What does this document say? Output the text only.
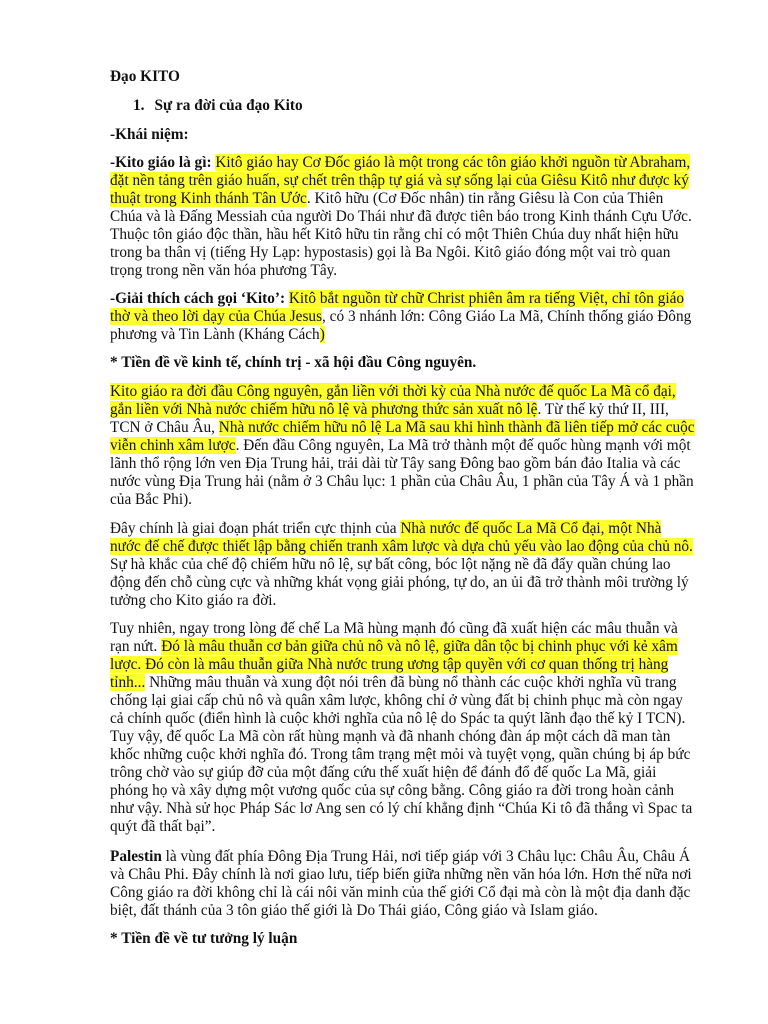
Đạo KITO

1. Sự ra đời của đạo Kito

-Khái niệm:

-Kito giáo là gì: Kitô giáo hay Cơ Đốc giáo là một trong các tôn giáo khởi nguồn từ Abraham, đặt nền tảng trên giáo huấn, sự chết trên thập tự giá và sự sống lại của Giêsu Kitô như được ký thuật trong Kinh thánh Tân Ước. Kitô hữu (Cơ Đốc nhân) tin rằng Giêsu là Con của Thiên Chúa và là Đấng Messiah của người Do Thái như đã được tiên báo trong Kinh thánh Cựu Ước. Thuộc tôn giáo độc thần, hầu hết Kitô hữu tin rằng chỉ có một Thiên Chúa duy nhất hiện hữu trong ba thân vị (tiếng Hy Lạp: hypostasis) gọi là Ba Ngôi. Kitô giáo đóng một vai trò quan trọng trong nền văn hóa phương Tây.

-Giải thích cách gọi ‘Kito’: Kitô bắt nguồn từ chữ Christ phiên âm ra tiếng Việt, chỉ tôn giáo thờ và theo lời dạy của Chúa Jesus, có 3 nhánh lớn: Công Giáo La Mã, Chính thống giáo Đông phương và Tin Lành (Kháng Cách)

* Tiền đề về kinh tế, chính trị - xã hội đầu Công nguyên.

Kito giáo ra đời đầu Công nguyên, gắn liền với thời kỳ của Nhà nước đế quốc La Mã cổ đại, gắn liền với Nhà nước chiếm hữu nô lệ và phương thức sản xuất nô lệ. Từ thế kỷ thứ II, III, TCN ở Châu Âu, Nhà nước chiếm hữu nô lệ La Mã sau khi hình thành đã liên tiếp mở các cuộc viễn chinh xâm lược. Đến đầu Công nguyên, La Mã trở thành một đế quốc hùng mạnh với một lãnh thổ rộng lớn ven Địa Trung hải, trải dài từ Tây sang Đông bao gồm bán đảo Italia và các nước vùng Địa Trung hải (nằm ở 3 Châu lục: 1 phần của Châu Âu, 1 phần của Tây Á và 1 phần của Bắc Phi).

Đây chính là giai đoạn phát triển cực thịnh của Nhà nước đế quốc La Mã Cổ đại, một Nhà nước đế chế được thiết lập bằng chiến tranh xâm lược và dựa chủ yếu vào lao động của chủ nô. Sự hà khắc của chế độ chiếm hữu nô lệ, sự bất công, bóc lột nặng nề đã đẩy quần chúng lao động đến chỗ cùng cực và những khát vọng giải phóng, tự do, an ủi đã trở thành môi trường lý tưởng cho Kito giáo ra đời.

Tuy nhiên, ngay trong lòng đế chế La Mã hùng mạnh đó cũng đã xuất hiện các mâu thuẫn và rạn nứt. Đó là mâu thuẫn cơ bản giữa chủ nô và nô lệ, giữa dân tộc bị chinh phục với kẻ xâm lược. Đó còn là mâu thuẫn giữa Nhà nước trung ương tập quyền với cơ quan thống trị hàng tỉnh... Những mâu thuẫn và xung đột nói trên đã bùng nổ thành các cuộc khởi nghĩa vũ trang chống lại giai cấp chủ nô và quân xâm lược, không chỉ ở vùng đất bị chinh phục mà còn ngay cả chính quốc (điển hình là cuộc khởi nghĩa của nô lệ do Spác ta quýt lãnh đạo thế kỷ I TCN). Tuy vậy, đế quốc La Mã còn rất hùng mạnh và đã nhanh chóng đàn áp một cách dã man tàn khốc những cuộc khởi nghĩa đó. Trong tâm trạng mệt mỏi và tuyệt vọng, quần chúng bị áp bức trông chờ vào sự giúp đỡ của một đấng cứu thế xuất hiện để đánh đổ đế quốc La Mã, giải phóng họ và xây dựng một vương quốc của sự công bằng. Công giáo ra đời trong hoàn cảnh như vậy. Nhà sử học Pháp Sác lơ Ang sen có lý chí khẳng định “Chúa Ki tô đã thắng vì Spac ta quýt đã thất bại”.

Palestin là vùng đất phía Đông Địa Trung Hải, nơi tiếp giáp với 3 Châu lục: Châu Âu, Châu Á và Châu Phi. Đây chính là nơi giao lưu, tiếp biến giữa những nền văn hóa lớn. Hơn thế nữa nơi Công giáo ra đời không chỉ là cái nôi văn minh của thế giới Cổ đại mà còn là một địa danh đặc biệt, đất thánh của 3 tôn giáo thế giới là Do Thái giáo, Công giáo và Islam giáo.

* Tiền đề về tư tưởng lý luận
